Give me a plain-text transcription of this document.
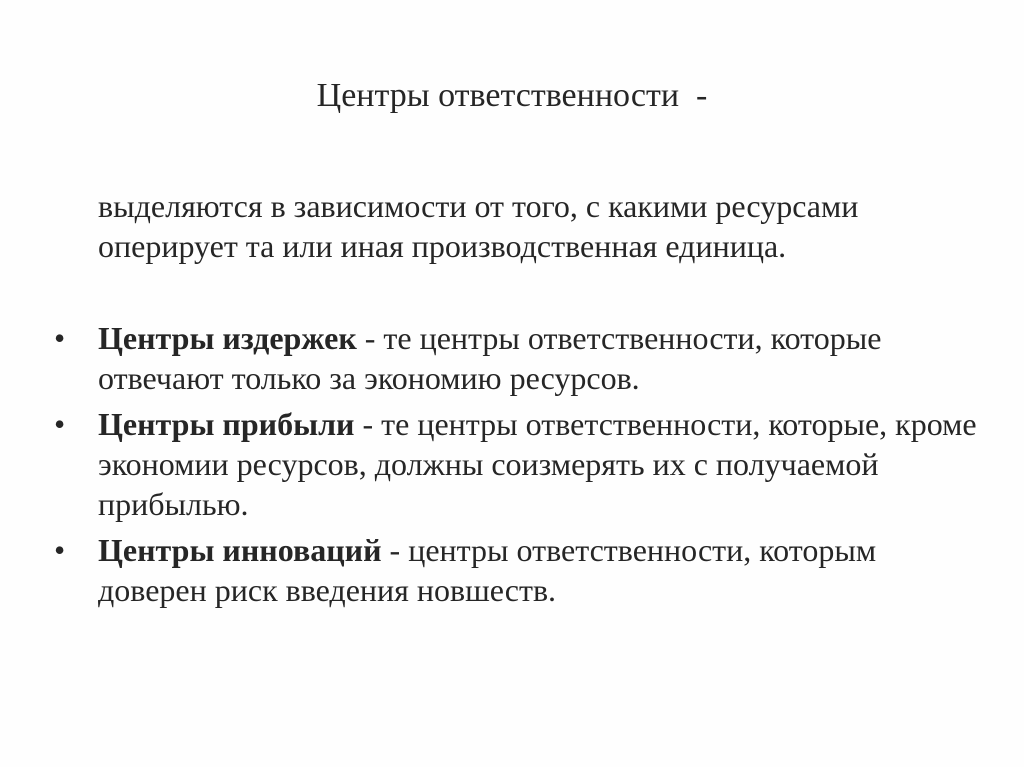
Центры ответственности  -
выделяются в зависимости от того, с какими ресурсами оперирует та или иная производственная единица.
• Центры издержек - те центры ответственности, которые отвечают только за экономию ресурсов.
• Центры прибыли - те центры ответственности, которые, кроме экономии ресурсов, должны соизмерять их с получаемой прибылью.
• Центры инноваций - центры ответственности, которым доверен риск введения новшеств.
